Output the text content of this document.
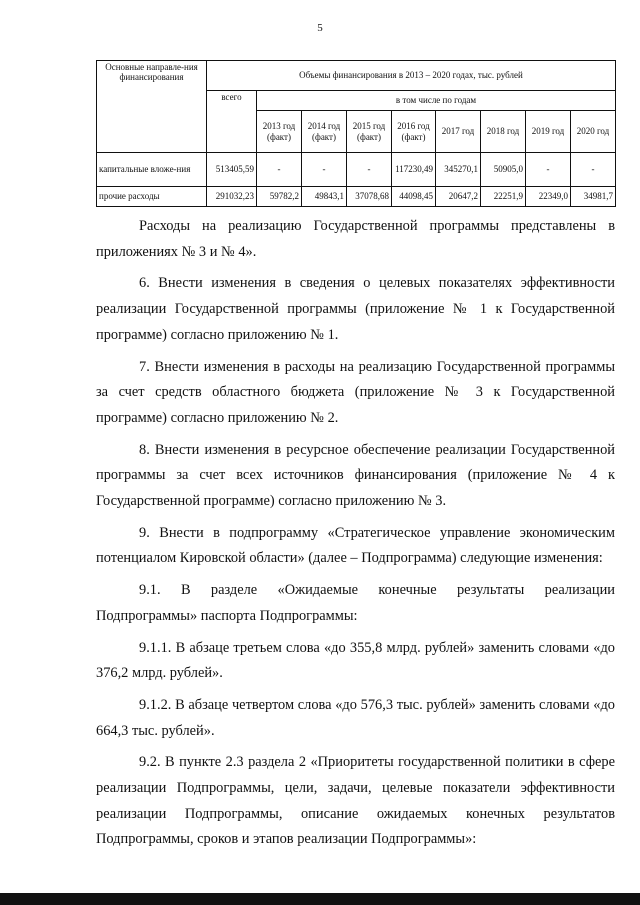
5
Основные направле-ния финансирования	Объемы финансирования в 2013 – 2020 годах, тыс. рублей								
	всего	в том числе по годам							
		2013 год (факт)	2014 год (факт)	2015 год (факт)	2016 год (факт)	2017 год	2018 год	2019 год	2020 год
капитальные вложе-ния	513405,59	-	-	-	117230,49	345270,1	50905,0	-	-
прочие расходы	291032,23	59782,2	49843,1	37078,68	44098,45	20647,2	22251,9	22349,0	34981,7

Расходы на реализацию Государственной программы представлены в приложениях № 3 и № 4».

6. Внести изменения в сведения о целевых показателях эффективности реализации Государственной программы (приложение № 1 к Государственной программе) согласно приложению № 1.

7. Внести изменения в расходы на реализацию Государственной программы за счет средств областного бюджета (приложение № 3 к Государственной программе) согласно приложению № 2.

8. Внести изменения в ресурсное обеспечение реализации Государственной программы за счет всех источников финансирования (приложение № 4 к Государственной программе) согласно приложению № 3.

9. Внести в подпрограмму «Стратегическое управление экономическим потенциалом Кировской области» (далее – Подпрограмма) следующие изменения:

9.1. В разделе «Ожидаемые конечные результаты реализации Подпрограммы» паспорта Подпрограммы:

9.1.1. В абзаце третьем слова «до 355,8 млрд. рублей» заменить словами «до 376,2 млрд. рублей».

9.1.2. В абзаце четвертом слова «до 576,3 тыс. рублей» заменить словами «до 664,3 тыс. рублей».

9.2. В пункте 2.3 раздела 2 «Приоритеты государственной политики в сфере реализации Подпрограммы, цели, задачи, целевые показатели эффективности реализации Подпрограммы, описание ожидаемых конечных результатов Подпрограммы, сроков и этапов реализации Подпрограммы»:
